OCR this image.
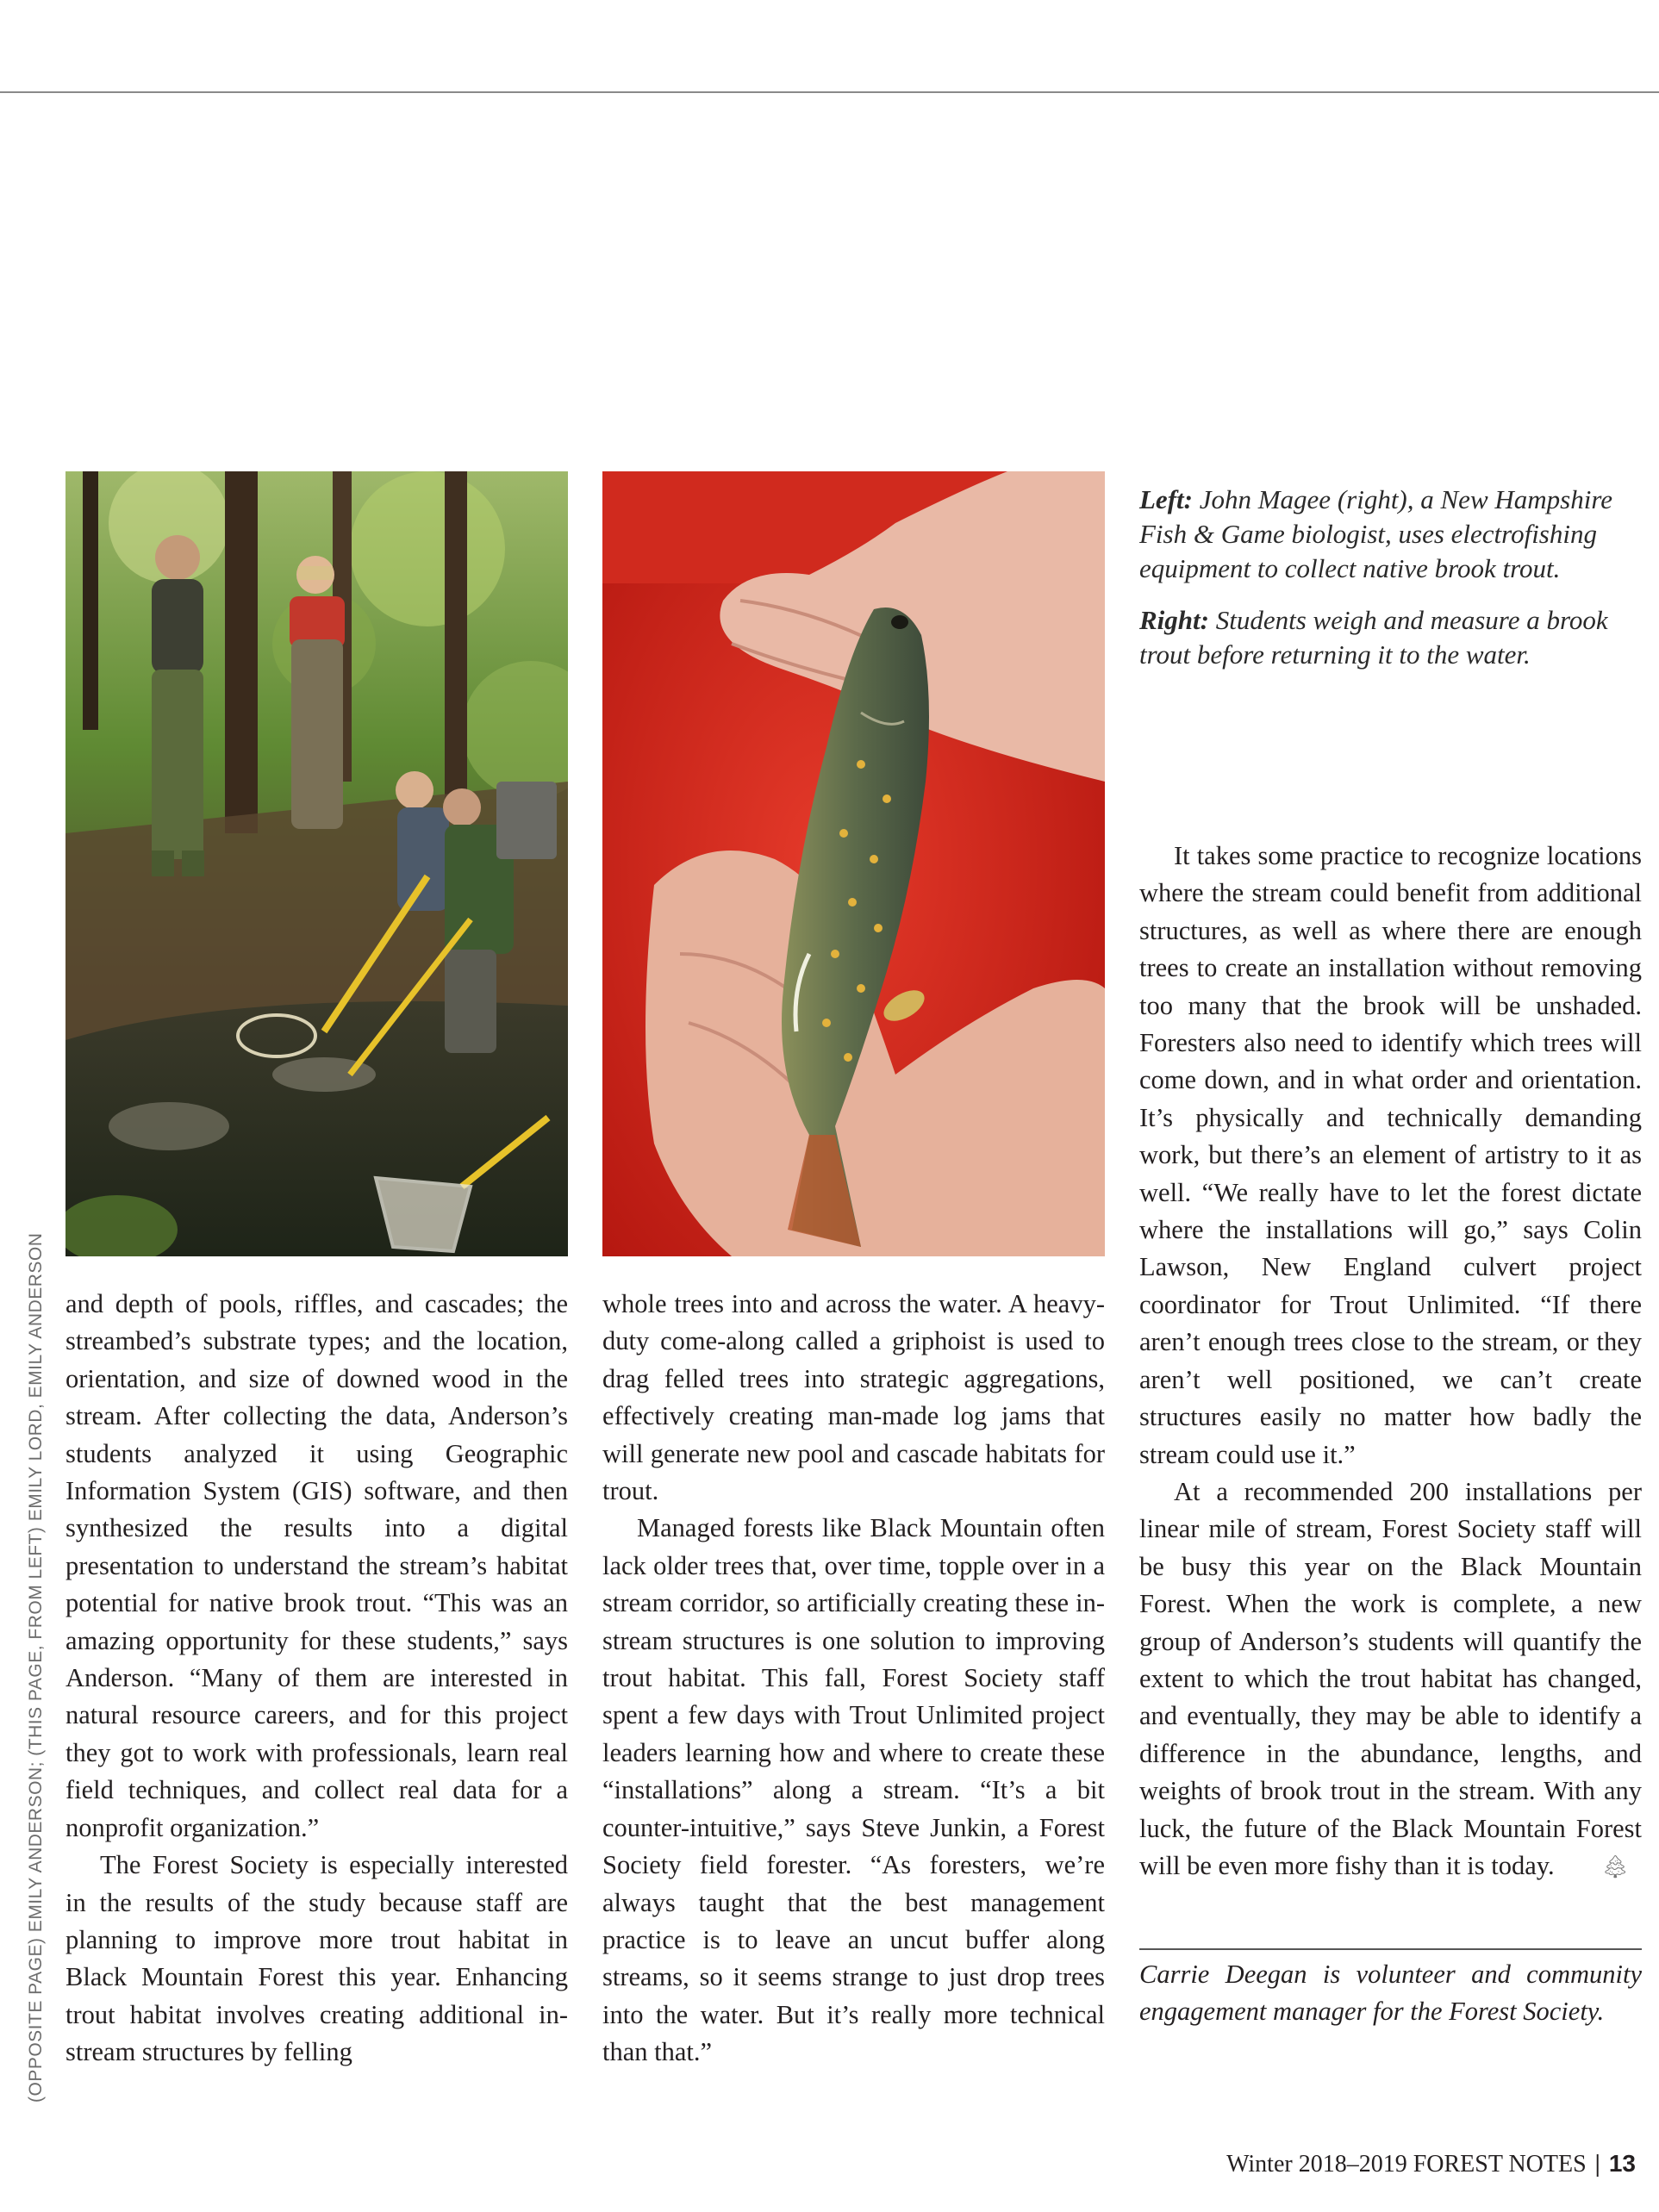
Left: John Magee (right), a New Hampshire Fish & Game biologist, uses electrofishing equipment to collect native brook trout.
Right: Students weigh and measure a brook trout before returning it to the water.

and depth of pools, riffles, and cascades; the streambed’s substrate types; and the location, orientation, and size of downed wood in the stream. After collecting the data, Anderson’s students analyzed it using Geographic Information System (GIS) software, and then synthesized the results into a digital presentation to understand the stream’s habitat potential for native brook trout. “This was an amazing opportunity for these students,” says Anderson. “Many of them are interested in natural resource careers, and for this project they got to work with professionals, learn real field techniques, and collect real data for a nonprofit organization.”

The Forest Society is especially interested in the results of the study because staff are planning to improve more trout habitat in Black Mountain Forest this year. Enhancing trout habitat involves creating additional in-stream structures by felling

whole trees into and across the water. A heavy-duty come-along called a griphoist is used to drag felled trees into strategic aggregations, effectively creating man-made log jams that will generate new pool and cascade habitats for trout.

Managed forests like Black Mountain often lack older trees that, over time, topple over in a stream corridor, so artificially creating these in-stream structures is one solution to improving trout habitat. This fall, Forest Society staff spent a few days with Trout Unlimited project leaders learning how and where to create these “installations” along a stream. “It’s a bit counter-intuitive,” says Steve Junkin, a Forest Society field forester. “As foresters, we’re always taught that the best management practice is to leave an uncut buffer along streams, so it seems strange to just drop trees into the water. But it’s really more technical than that.”

It takes some practice to recognize locations where the stream could benefit from additional structures, as well as where there are enough trees to create an installation without removing too many that the brook will be unshaded. Foresters also need to identify which trees will come down, and in what order and orientation. It’s physically and technically demanding work, but there’s an element of artistry to it as well. “We really have to let the forest dictate where the installations will go,” says Colin Lawson, New England culvert project coordinator for Trout Unlimited. “If there aren’t enough trees close to the stream, or they aren’t well positioned, we can’t create structures easily no matter how badly the stream could use it.”

At a recommended 200 installations per linear mile of stream, Forest Society staff will be busy this year on the Black Mountain Forest. When the work is complete, a new group of Anderson’s students will quantify the extent to which the trout habitat has changed, and eventually, they may be able to identify a difference in the abundance, lengths, and weights of brook trout in the stream. With any luck, the future of the Black Mountain Forest will be even more fishy than it is today. 🌲︎

Carrie Deegan is volunteer and community engagement manager for the Forest Society.
(OPPOSITE PAGE) EMILY ANDERSON; (THIS PAGE, FROM LEFT) EMILY LORD, EMILY ANDERSON
Winter 2018–2019 FOREST NOTES | 13
